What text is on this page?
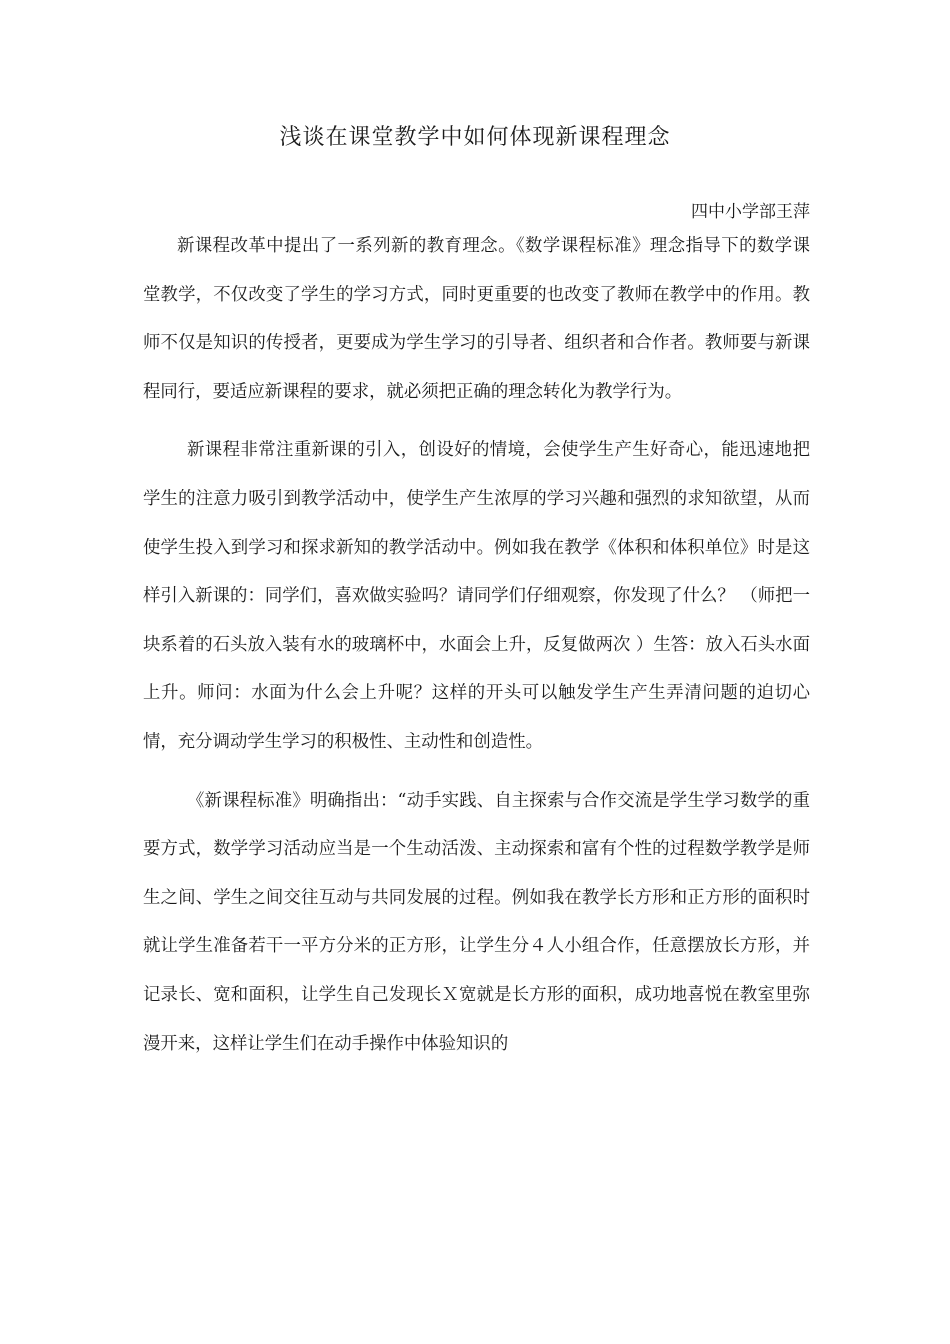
浅谈在课堂教学中如何体现新课程理念
四中小学部王萍

新课程改革中提出了一系列新的教育理念。《数学课程标准》理念指导下的数学课堂教学，不仅改变了学生的学习方式，同时更重要的也改变了教师在教学中的作用。教师不仅是知识的传授者，更要成为学生学习的引导者、组织者和合作者。教师要与新课程同行，要适应新课程的要求，就必须把正确的理念转化为教学行为。

新课程非常注重新课的引入，创设好的情境，会使学生产生好奇心，能迅速地把学生的注意力吸引到教学活动中，使学生产生浓厚的学习兴趣和强烈的求知欲望，从而使学生投入到学习和探求新知的教学活动中。例如我在教学《体积和体积单位》时是这样引入新课的：同学们，喜欢做实验吗？请同学们仔细观察，你发现了什么？ （师把一块系着的石头放入装有水的玻璃杯中，水面会上升，反复做两次 ）生答：放入石头水面上升。师问：水面为什么会上升呢？这样的开头可以触发学生产生弄清问题的迫切心情，充分调动学生学习的积极性、主动性和创造性。

《新课程标准》明确指出：“动手实践、自主探索与合作交流是学生学习数学的重要方式，数学学习活动应当是一个生动活泼、主动探索和富有个性的过程数学教学是师生之间、学生之间交往互动与共同发展的过程。例如我在教学长方形和正方形的面积时就让学生准备若干一平方分米的正方形，让学生分４人小组合作，任意摆放长方形，并记录长、宽和面积，让学生自己发现长Ｘ宽就是长方形的面积，成功地喜悦在教室里弥漫开来，这样让学生们在动手操作中体验知识的
